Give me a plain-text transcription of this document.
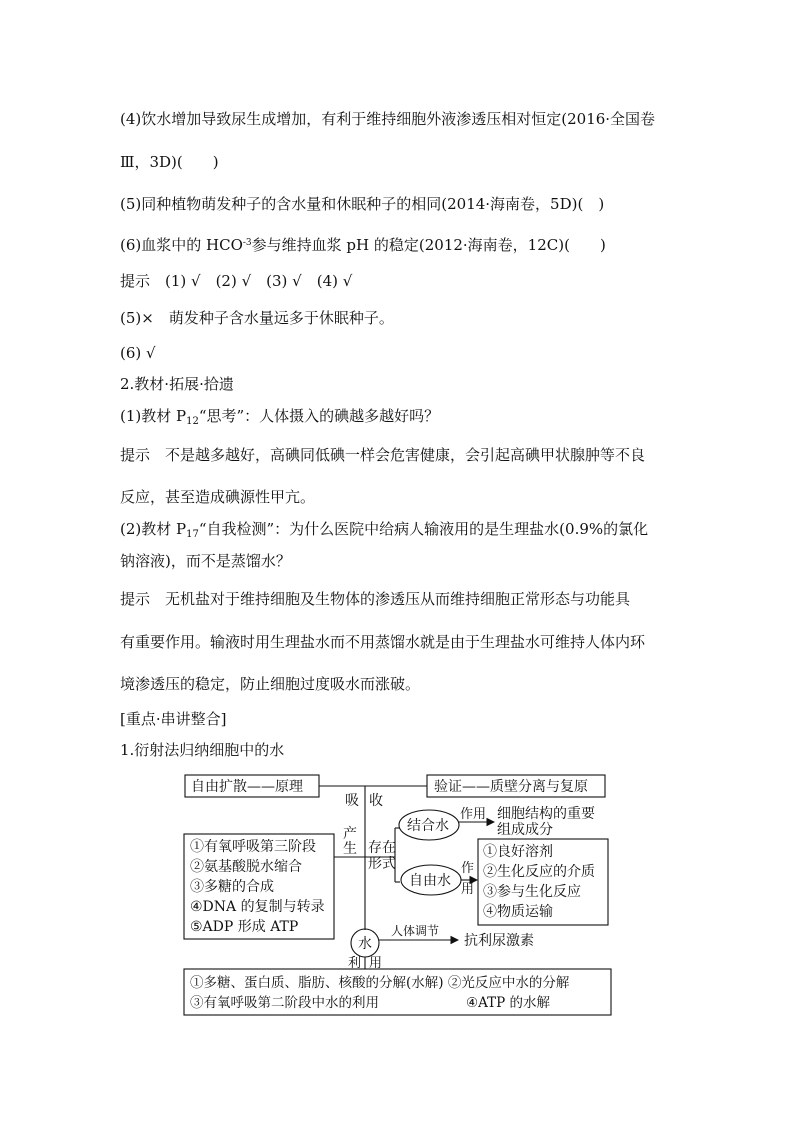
(4)饮水增加导致尿生成增加，有利于维持细胞外液渗透压相对恒定(2016·全国卷
Ⅲ，3D)(　　)
(5)同种植物萌发种子的含水量和休眠种子的相同(2014·海南卷，5D)(　)
(6)血浆中的 $HCO^{-3}$参与维持血浆 pH 的稳定(2012·海南卷，12C)(　　)
提示　(1) √　(2) √　(3) √　(4) √
(5)×　萌发种子含水量远多于休眠种子。
(6) √
2.教材·拓展·拾遗
(1)教材 $P_{12}“$思考”：人体摄入的碘越多越好吗？
提示　不是越多越好，高碘同低碘一样会危害健康，会引起高碘甲状腺肿等不良
反应，甚至造成碘源性甲亢。
(2)教材 $P_{17}“$自我检测”：为什么医院中给病人输液用的是生理盐水(0.9%的氯化
钠溶液)，而不是蒸馏水？
提示　无机盐对于维持细胞及生物体的渗透压从而维持细胞正常形态与功能具
有重要作用。输液时用生理盐水而不用蒸馏水就是由于生理盐水可维持人体内环
境渗透压的稳定，防止细胞过度吸水而涨破。
[重点·串讲整合]
1.衍射法归纳细胞中的水
自由扩散——原理	验证——质壁分离与复原
吸 收
产
生 存在
形式
结合水
自由水
作用
作
用
细胞结构的重要
组成成分
①有氧呼吸第三阶段
②氨基酸脱水缩合
③多糖的合成
④DNA 的复制与转录
⑤ADP 形成 ATP
①良好溶剂
②生化反应的介质
③参与生化反应
④物质运输
水
人体调节
抗利尿激素
利 用
①多糖、蛋白质、脂肪、核酸的分解(水解) ②光反应中水的分解
③有氧呼吸第二阶段中水的利用	④ATP 的水解
